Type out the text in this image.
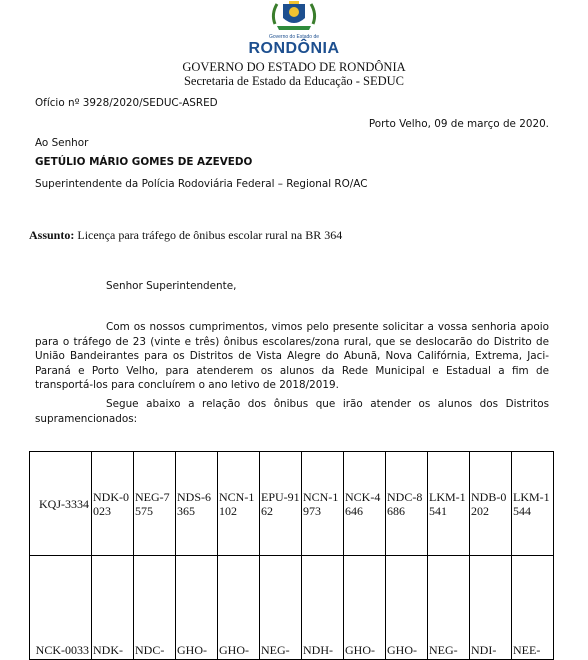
Governo do Estado de
RONDÔNIA
GOVERNO DO ESTADO DE RONDÔNIA
Secretaria de Estado da Educação - SEDUC
Ofício nº 3928/2020/SEDUC-ASRED
Porto Velho, 09 de março de 2020.
Ao Senhor
GETÚLIO MÁRIO GOMES DE AZEVEDO
Superintendente da Polícia Rodoviária Federal – Regional RO/AC
Assunto: Licença para tráfego de ônibus escolar rural na BR 364
Senhor Superintendente,
Com os nossos cumprimentos, vimos pelo presente solicitar a vossa senhoria apoio para o tráfego de 23 (vinte e três) ônibus escolares/zona rural, que se deslocarão do Distrito de União Bandeirantes para os Distritos de Vista Alegre do Abunã, Nova Califórnia, Extrema, Jaci-Paraná e Porto Velho, para atenderem os alunos da Rede Municipal e Estadual a fim de transportá-los para concluírem o ano letivo de 2018/2019.
Segue abaixo a relação dos ônibus que irão atender os alunos dos Distritos supramencionados:
KQJ-3334	NDK-0023	NEG-7575	NDS-6365	NCN-1102	EPU-9162	NCN-1973	NCK-4646	NDC-8686	LKM-1541	NDB-0202	LKM-1544
NCK-0033	NDK-	NDC-	GHO-	GHO-	NEG-	NDH-	GHO-	GHO-	NEG-	NDI-	NEE-
